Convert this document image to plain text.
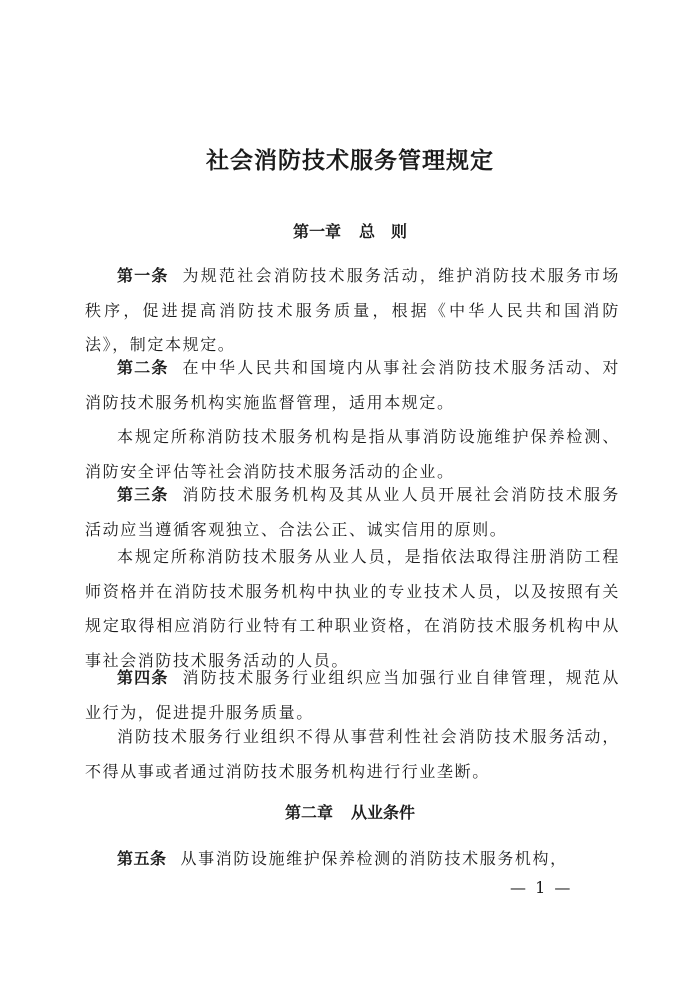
社会消防技术服务管理规定
第一章 总　则

第一条 为规范社会消防技术服务活动，维护消防技术服务市场秩序，促进提高消防技术服务质量，根据《中华人民共和国消防法》，制定本规定。

第二条 在中华人民共和国境内从事社会消防技术服务活动、对消防技术服务机构实施监督管理，适用本规定。

本规定所称消防技术服务机构是指从事消防设施维护保养检测、消防安全评估等社会消防技术服务活动的企业。

第三条 消防技术服务机构及其从业人员开展社会消防技术服务活动应当遵循客观独立、合法公正、诚实信用的原则。

本规定所称消防技术服务从业人员，是指依法取得注册消防工程师资格并在消防技术服务机构中执业的专业技术人员，以及按照有关规定取得相应消防行业特有工种职业资格，在消防技术服务机构中从事社会消防技术服务活动的人员。

第四条 消防技术服务行业组织应当加强行业自律管理，规范从业行为，促进提升服务质量。

消防技术服务行业组织不得从事营利性社会消防技术服务活动，不得从事或者通过消防技术服务机构进行行业垄断。

第二章 从业条件

第五条 从事消防设施维护保养检测的消防技术服务机构，

— 1 —
